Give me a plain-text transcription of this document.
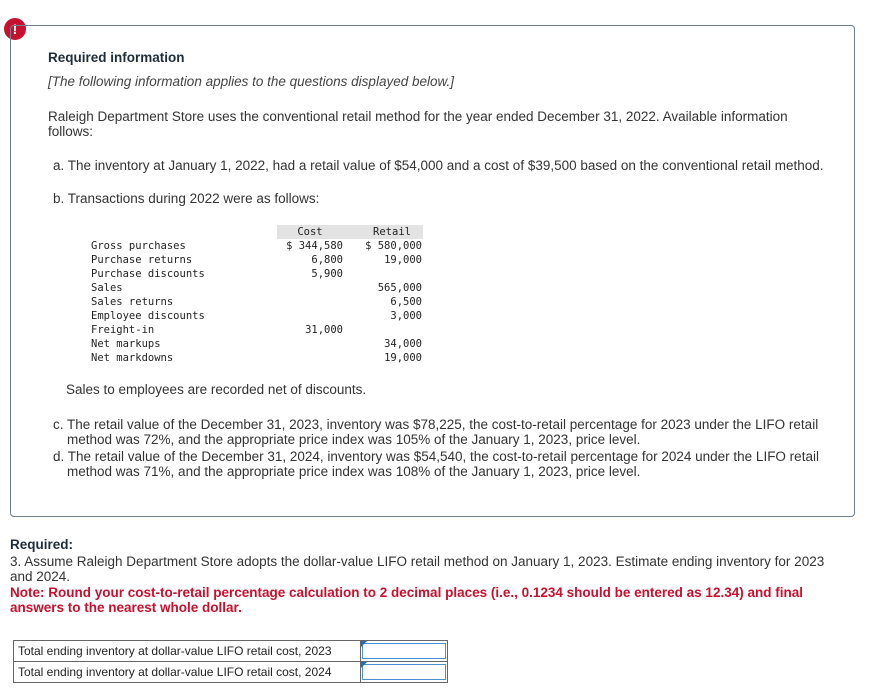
!
Required information
[The following information applies to the questions displayed below.]
Raleigh Department Store uses the conventional retail method for the year ended December 31, 2022. Available information follows:
a. The inventory at January 1, 2022, had a retail value of $54,000 and a cost of $39,500 based on the conventional retail method.
b. Transactions during 2022 were as follows:
	Cost		Retail
Gross purchases	$ 344,580		$ 580,000
Purchase returns	6,800		19,000
Purchase discounts	5,900		
Sales			565,000
Sales returns			6,500
Employee discounts			3,000
Freight-in	31,000		
Net markups			34,000
Net markdowns			19,000
Sales to employees are recorded net of discounts.
c. The retail value of the December 31, 2023, inventory was $78,225, the cost-to-retail percentage for 2023 under the LIFO retail method was 72%, and the appropriate price index was 105% of the January 1, 2023, price level.
d. The retail value of the December 31, 2024, inventory was $54,540, the cost-to-retail percentage for 2024 under the LIFO retail method was 71%, and the appropriate price index was 108% of the January 1, 2023, price level.
Required:
3. Assume Raleigh Department Store adopts the dollar-value LIFO retail method on January 1, 2023. Estimate ending inventory for 2023 and 2024.
Note: Round your cost-to-retail percentage calculation to 2 decimal places (i.e., 0.1234 should be entered as 12.34) and final answers to the nearest whole dollar.
Total ending inventory at dollar-value LIFO retail cost, 2023	

Total ending inventory at dollar-value LIFO retail cost, 2024	
